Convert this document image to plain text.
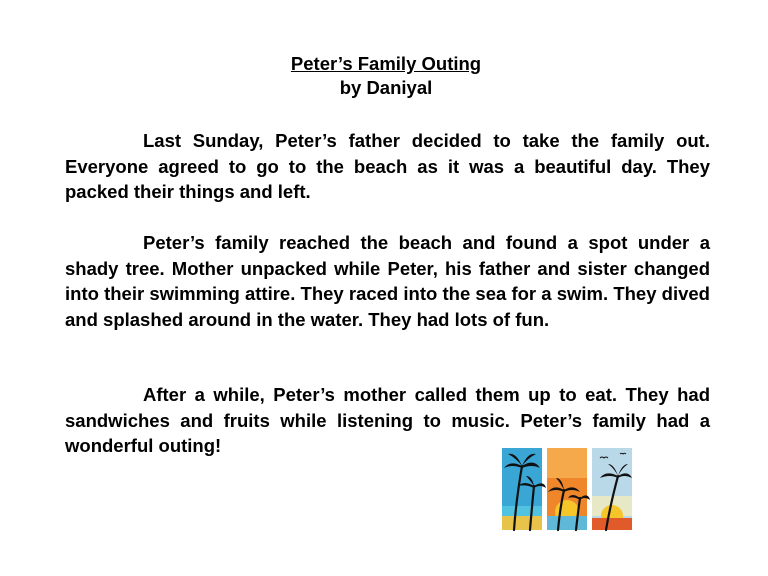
Peter’s Family Outing
by Daniyal

Last Sunday, Peter’s father decided to take the family out. Everyone agreed to go to the beach as it was a beautiful day. They packed their things and left.

Peter’s family reached the beach and found a spot under a shady tree. Mother unpacked while Peter, his father and sister changed into their swimming attire. They raced into the sea for a swim. They dived and splashed around in the water. They had lots of fun.

After a while, Peter’s mother called them up to eat. They had sandwiches and fruits while listening to music. Peter’s family had a wonderful outing!
